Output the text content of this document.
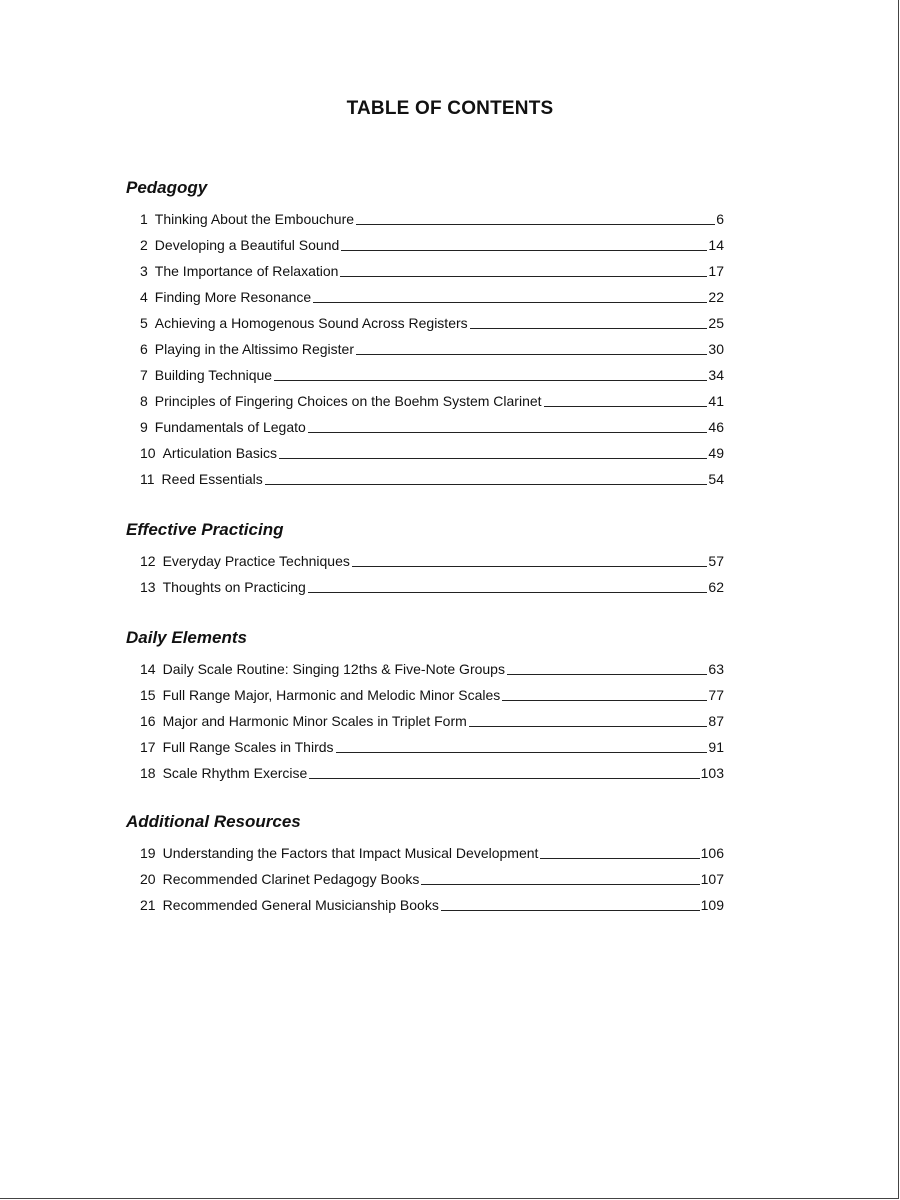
TABLE OF CONTENTS
Pedagogy
1 Thinking About the Embouchure	6
2 Developing a Beautiful Sound	14
3 The Importance of Relaxation	17
4 Finding More Resonance	22
5 Achieving a Homogenous Sound Across Registers	25
6 Playing in the Altissimo Register	30
7 Building Technique	34
8 Principles of Fingering Choices on the Boehm System Clarinet	41
9 Fundamentals of Legato	46
10 Articulation Basics	49
11 Reed Essentials	54
Effective Practicing
12 Everyday Practice Techniques	57
13 Thoughts on Practicing	62
Daily Elements
14 Daily Scale Routine: Singing 12ths & Five-Note Groups	63
15 Full Range Major, Harmonic and Melodic Minor Scales	77
16 Major and Harmonic Minor Scales in Triplet Form	87
17 Full Range Scales in Thirds	91
18 Scale Rhythm Exercise	103
Additional Resources
19 Understanding the Factors that Impact Musical Development	106
20 Recommended Clarinet Pedagogy Books	107
21 Recommended General Musicianship Books	109
